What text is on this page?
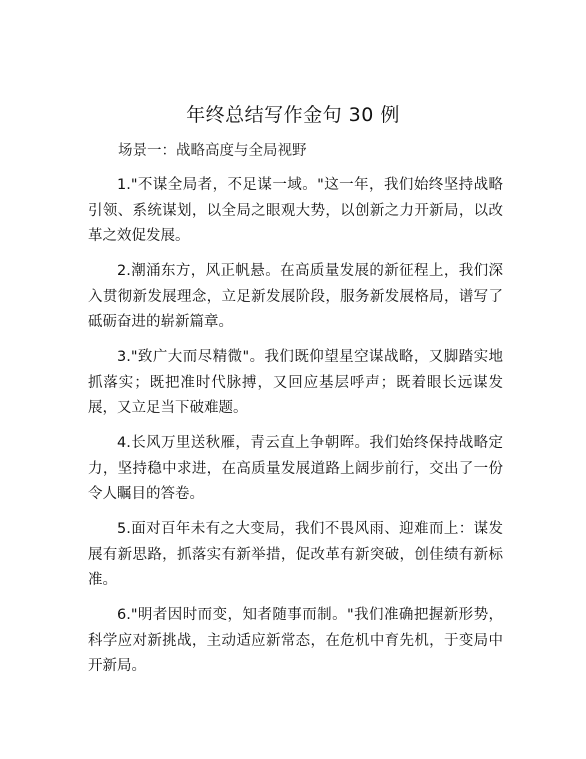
年终总结写作金句 30 例
场景一：战略高度与全局视野
1."不谋全局者，不足谋一域。"这一年，我们始终坚持战略引领、系统谋划，以全局之眼观大势，以创新之力开新局，以改革之效促发展。
2.潮涌东方，风正帆悬。在高质量发展的新征程上，我们深入贯彻新发展理念，立足新发展阶段，服务新发展格局，谱写了砥砺奋进的崭新篇章。
3."致广大而尽精微"。我们既仰望星空谋战略，又脚踏实地抓落实；既把准时代脉搏，又回应基层呼声；既着眼长远谋发展，又立足当下破难题。
4.长风万里送秋雁，青云直上争朝晖。我们始终保持战略定力，坚持稳中求进，在高质量发展道路上阔步前行，交出了一份令人瞩目的答卷。
5.面对百年未有之大变局，我们不畏风雨、迎难而上：谋发展有新思路，抓落实有新举措，促改革有新突破，创佳绩有新标准。
6."明者因时而变，知者随事而制。"我们准确把握新形势，科学应对新挑战，主动适应新常态，在危机中育先机，于变局中开新局。
